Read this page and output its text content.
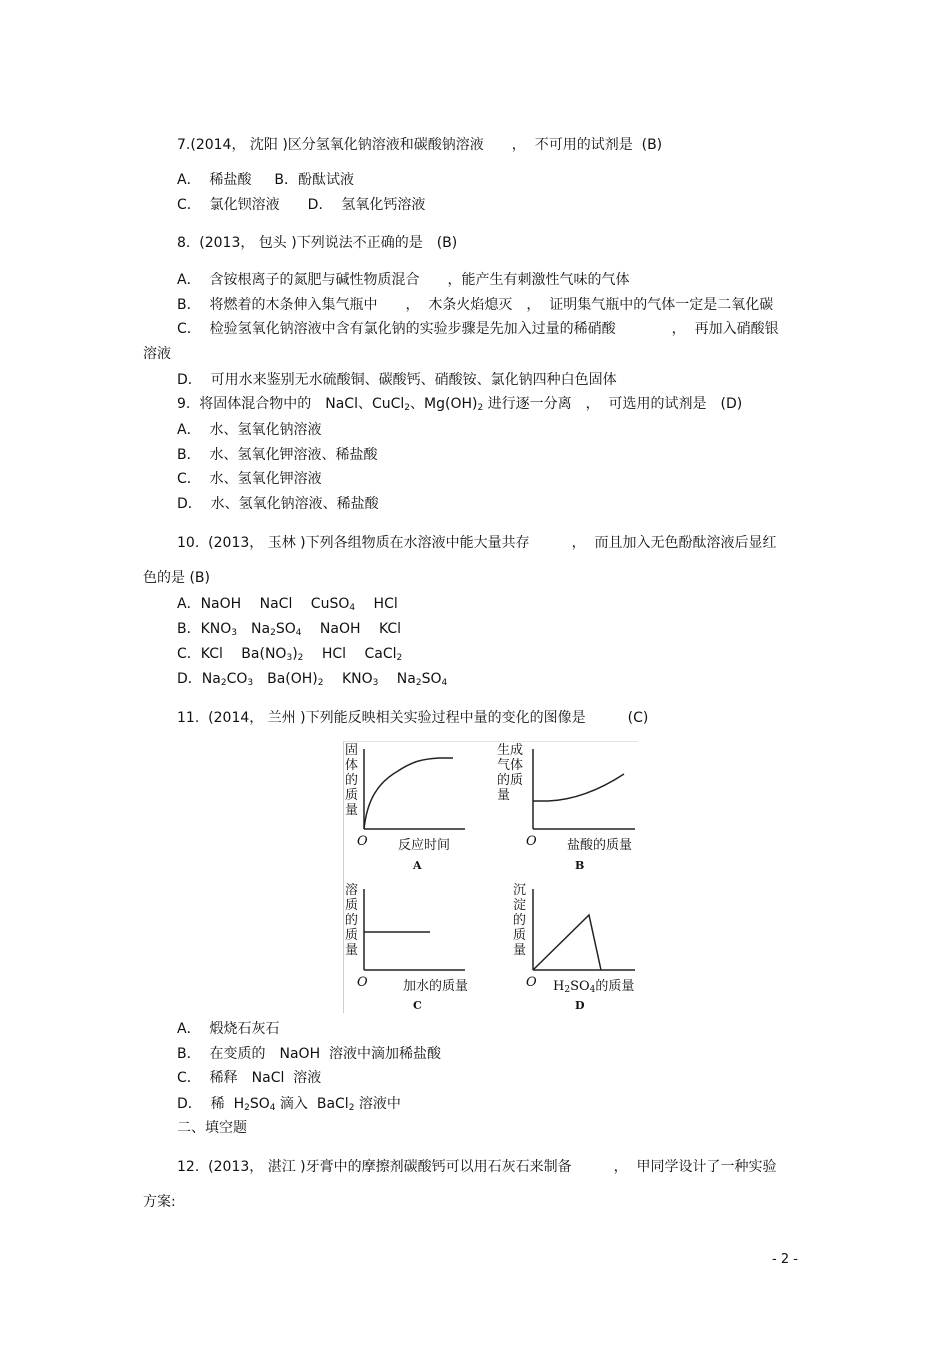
7.(2014， 沈阳 )区分氢氧化钠溶液和碳酸钠溶液　　，  不可用的试剂是  (B)
A．  稀盐酸　  B．酚酞试液
C．  氯化钡溶液　　D．  氢氧化钙溶液
8.  (2013， 包头 )下列说法不正确的是　(B)
A．  含铵根离子的氮肥与碱性物质混合　　，能产生有刺激性气味的气体
B．  将燃着的木条伸入集气瓶中　　，  木条火焰熄灭　，  证明集气瓶中的气体一定是二氧化碳
C．  检验氢氧化钠溶液中含有氯化钠的实验步骤是先加入过量的稀硝酸　　　　，  再加入硝酸银
溶液
D．  可用水来鉴别无水硫酸铜、碳酸钙、硝酸铵、氯化钠四种白色固体
9.  将固体混合物中的　NaCl、CuCl$_2$、$Mg(OH)_2$ 进行逐一分离　，  可选用的试剂是　(D)
A．  水、氢氧化钠溶液
B．  水、氢氧化钾溶液、稀盐酸
C．  水、氢氧化钾溶液
D．  水、氢氧化钠溶液、稀盐酸
10.  (2013， 玉林 )下列各组物质在水溶液中能大量共存　　　，  而且加入无色酚酞溶液后显红
色的是 (B)
A．NaOH　 NaCl　 CuSO$_4$　 HCl
B．$KNO_3$　$Na_2SO_4$　 NaOH　 KCl
C．KCl　 $Ba(NO_3)_2$　 HCl　 CaCl$_2$
D．$Na_2CO_3$　$Ba(OH)_2$　 $KNO_3$　 $Na_2SO_4$
11.  (2014， 兰州 )下列能反映相关实验过程中量的变化的图像是　　　(C)
固体的质量
O 反应时间
A
生成气体的质量
O 盐酸的质量
B
溶质的质量
O	加水的质量
C
沉淀的质量
O $H_2SO_4$的质量
D
A．  煅烧石灰石
B．  在变质的　NaOH  溶液中滴加稀盐酸
C．  稀释　NaCl  溶液
D．  稀  $H_2SO_4$ 滴入  BaCl$_2$ 溶液中
二、填空题
12.  (2013， 湛江 )牙膏中的摩擦剂碳酸钙可以用石灰石来制备　　　，  甲同学设计了一种实验
方案:
- 2 -
